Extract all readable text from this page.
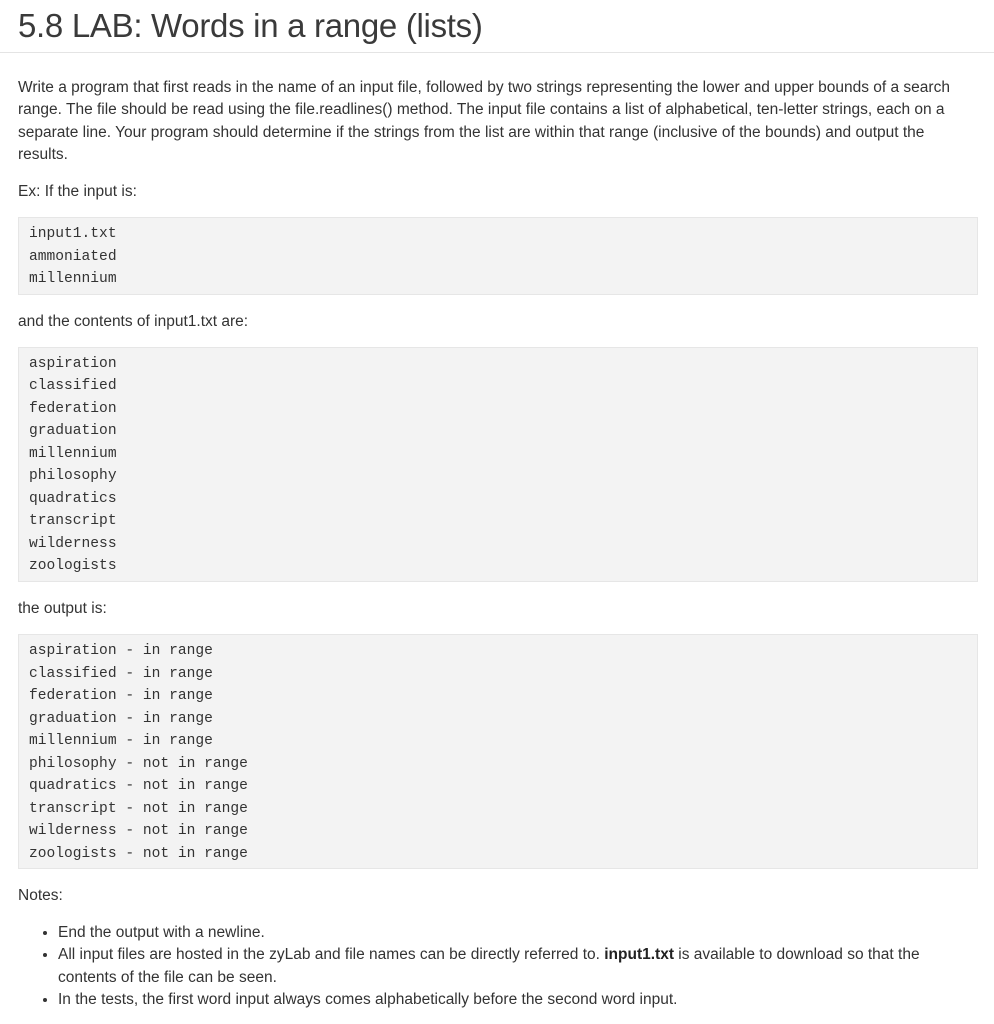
5.8 LAB: Words in a range (lists)

Write a program that first reads in the name of an input file, followed by two strings representing the lower and upper bounds of a search range. The file should be read using the file.readlines() method. The input file contains a list of alphabetical, ten-letter strings, each on a separate line. Your program should determine if the strings from the list are within that range (inclusive of the bounds) and output the results.

Ex: If the input is:

input1.txt
ammoniated
millennium

and the contents of input1.txt are:

aspiration
classified
federation
graduation
millennium
philosophy
quadratics
transcript
wilderness
zoologists

the output is:

aspiration - in range
classified - in range
federation - in range
graduation - in range
millennium - in range
philosophy - not in range
quadratics - not in range
transcript - not in range
wilderness - not in range
zoologists - not in range

Notes:

• End the output with a newline.
• All input files are hosted in the zyLab and file names can be directly referred to. input1.txt is available to download so that the contents of the file can be seen.
• In the tests, the first word input always comes alphabetically before the second word input.
